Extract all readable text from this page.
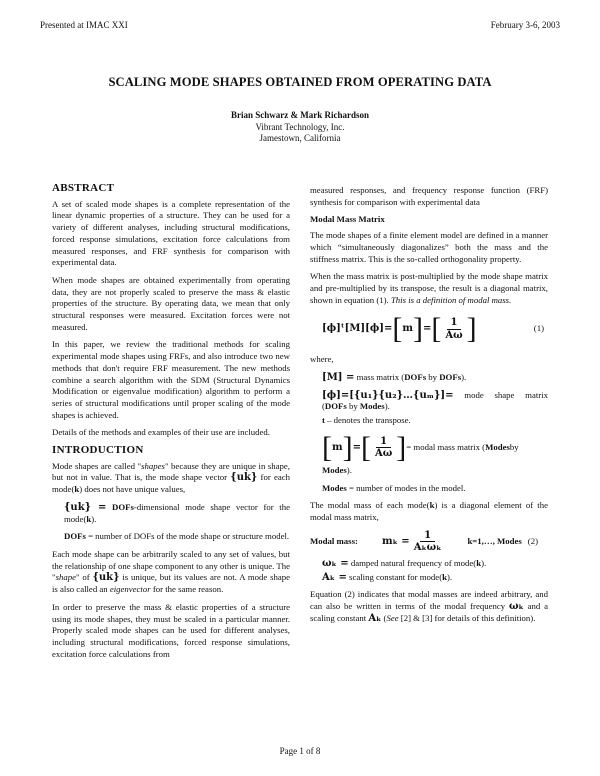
Presented at IMAC XXI	February 3-6, 2003
SCALING MODE SHAPES OBTAINED FROM OPERATING DATA
Brian Schwarz & Mark Richardson
Vibrant Technology, Inc.
Jamestown, California
ABSTRACT

A set of scaled mode shapes is a complete representation of the linear dynamic properties of a structure. They can be used for a variety of different analyses, including structural modifications, forced response simulations, excitation force calculations from measured responses, and FRF synthesis for comparison with experimental data.

When mode shapes are obtained experimentally from operating data, they are not properly scaled to preserve the mass & elastic properties of the structure. By operating data, we mean that only structural responses were measured. Excitation forces were not measured.

In this paper, we review the traditional methods for scaling experimental mode shapes using FRFs, and also introduce two new methods that don't require FRF measurement. The new methods combine a search algorithm with the SDM (Structural Dynamics Modification or eigenvalue modification) algorithm to perform a series of structural modifications until proper scaling of the mode shapes is achieved.

Details of the methods and examples of their use are included.

INTRODUCTION

Mode shapes are called "shapes" because they are unique in shape, but not in value. That is, the mode shape vector {uk} for each mode(k) does not have unique values,

{uk} = DOFs-dimensional mode shape vector for the mode(k).

DOFs = number of DOFs of the mode shape or structure model.

Each mode shape can be arbitrarily scaled to any set of values, but the relationship of one shape component to any other is unique. The "shape" of {uk} is unique, but its values are not. A mode shape is also called an eigenvector for the same reason.

In order to preserve the mass & elastic properties of a structure using its mode shapes, they must be scaled in a particular manner. Properly scaled mode shapes can be used for different analyses, including structural modifications, forced response simulations, excitation force calculations from

measured responses, and frequency response function (FRF) synthesis for comparison with experimental data

Modal Mass Matrix

The mode shapes of a finite element model are defined in a manner which “simultaneously diagonalizes” both the mass and the stiffness matrix. This is the so-called orthogonality property.

When the mass matrix is post-multiplied by the mode shape matrix and pre-multiplied by its transpose, the result is a diagonal matrix, shown in equation (1). This is a definition of modal mass.

[ϕ]ᵗ[M][ϕ]= [ m ] = [ $\frac{1}{A\omega}$ ]	(1)

where,

[M] = mass matrix (DOFs by DOFs).

[ϕ]=[{u₁}{u₂}…{uₘ}]= mode shape matrix (DOFs by Modes).

t – denotes the transpose.

[ m ] = [ $\frac{1}{A\omega}$ ] = modal mass matrix ( Modes by

Modes).

Modes = number of modes in the model.

The modal mass of each mode(k) is a diagonal element of the modal mass matrix,

Modal mass:	$m_k = \frac{1}{\text{Aₖωₖ}}$	k=1,…, Modes (2)

ωₖ = damped natural frequency of mode(k).

Aₖ = scaling constant for mode(k).

Equation (2) indicates that modal masses are indeed arbitrary, and can also be written in terms of the modal frequency ωₖ and a scaling constant Aₖ (See [2] & [3] for details of this definition).

Page 1 of 8
